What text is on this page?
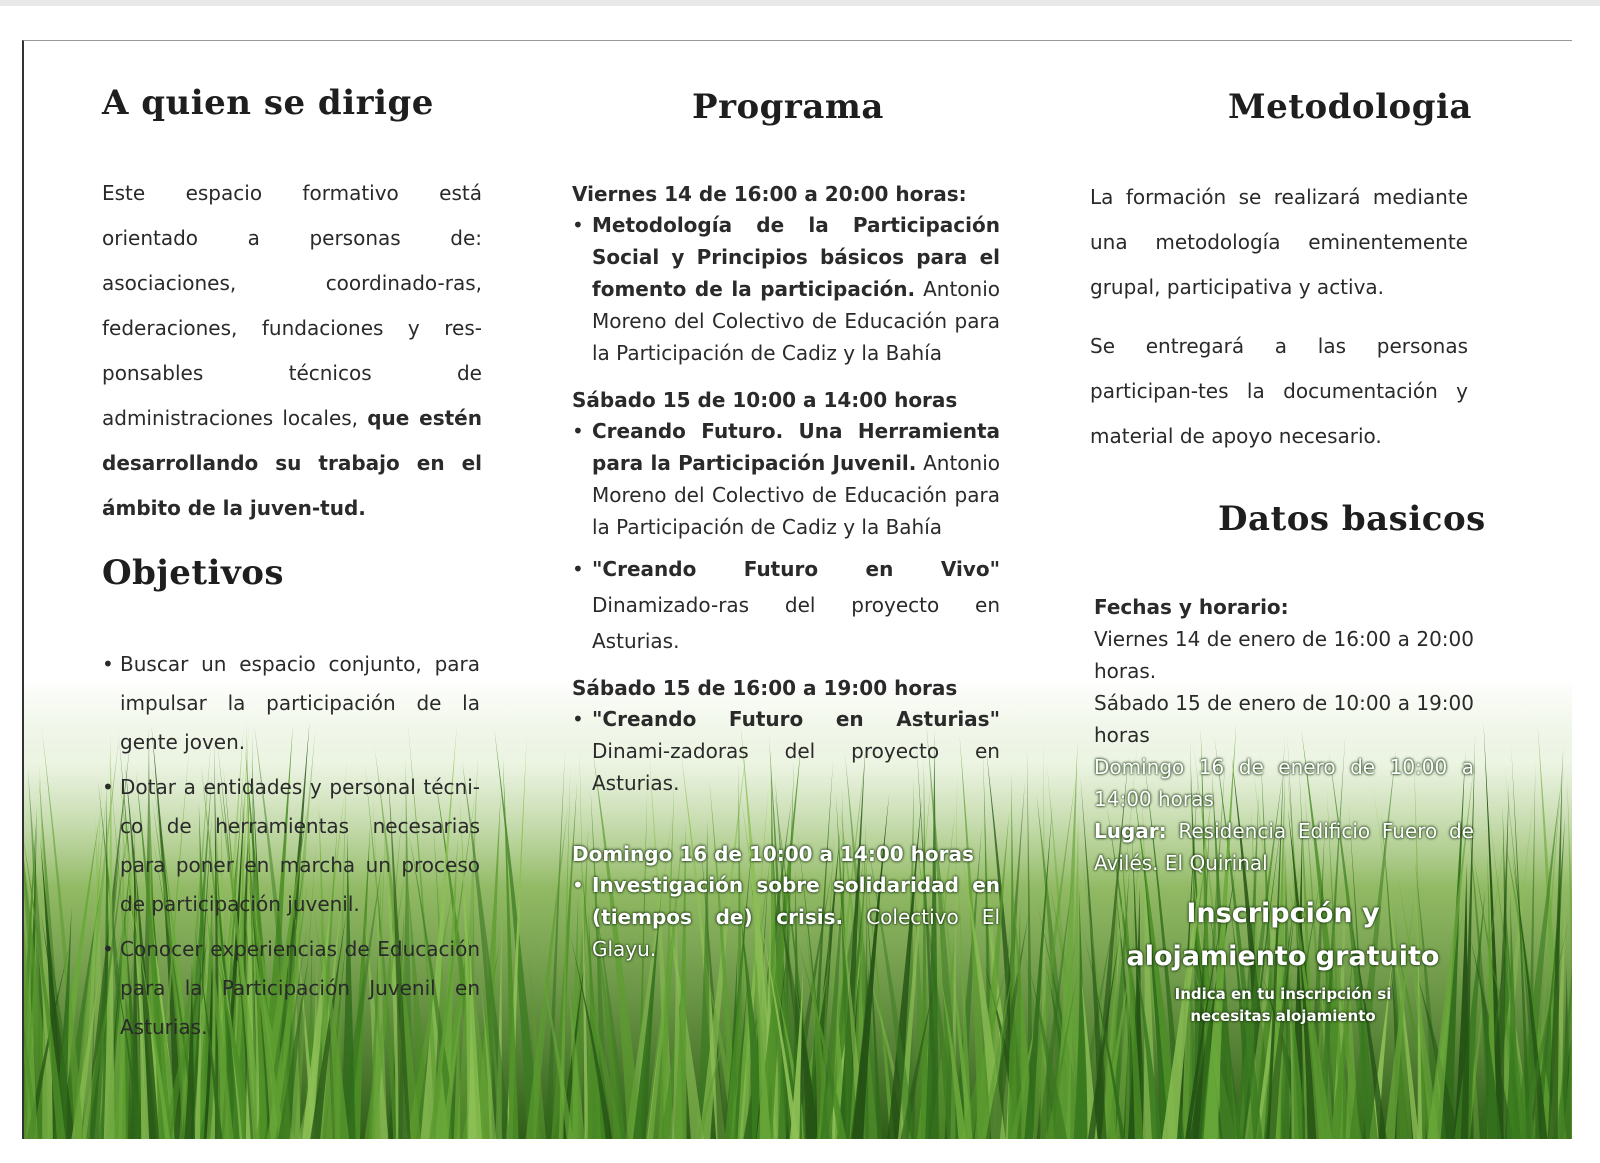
A quien se dirige

Este espacio formativo está orientado a personas de: asociaciones, coordinado-ras, federaciones, fundaciones y res-ponsables técnicos de administraciones locales, que estén desarrollando su trabajo en el ámbito de la juven-tud.

Objetivos
• Buscar un espacio conjunto, para impulsar la participación de la gente joven.
• Dotar a entidades y personal técni-co de herramientas necesarias para poner en marcha un proceso de participación juvenil.
• Conocer experiencias de Educación para la Participación Juvenil en Asturias.
Programa

Viernes 14 de 16:00 a 20:00 horas:

• Metodología de la Participación Social y Principios básicos para el fomento de la participación. Antonio Moreno del Colectivo de Educación para la Participación de Cadiz y la Bahía

Sábado 15 de 10:00 a 14:00 horas

• Creando Futuro. Una Herramienta para la Participación Juvenil. Antonio Moreno del Colectivo de Educación para la Participación de Cadiz y la Bahía

• "Creando Futuro en Vivo" Dinamizado-ras del proyecto en Asturias.

Sábado 15 de 16:00 a 19:00 horas

• "Creando Futuro en Asturias" Dinami-zadoras del proyecto en Asturias.

Domingo 16 de 10:00 a 14:00 horas

• Investigación sobre solidaridad en (tiempos de) crisis. Colectivo El Glayu.

Metodologia

La formación se realizará mediante una metodología eminentemente grupal, participativa y activa.

Se entregará a las personas participan-tes la documentación y material de apoyo necesario.

Datos basicos

Fechas y horario:

Viernes 14 de enero de 16:00 a 20:00 horas.

Sábado 15 de enero de 10:00 a 19:00 horas

Domingo 16 de enero de 10:00 a 14:00 horas

Lugar: Residencia Edificio Fuero de Avilés. El Quirinal

Inscripción y
alojamiento gratuito
Indica en tu inscripción si necesitas alojamiento
